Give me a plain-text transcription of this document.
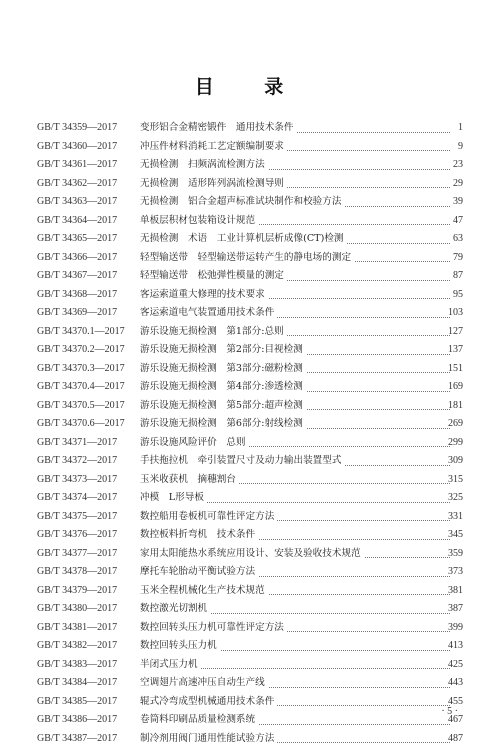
目 录
GB/T 34359—2017	变形铝合金精密锻件　通用技术条件	1
GB/T 34360—2017	冲压件材料消耗工艺定额编制要求	9
GB/T 34361—2017	无损检测　扫频涡流检测方法	23
GB/T 34362—2017	无损检测　适形阵列涡流检测导则	29
GB/T 34363—2017	无损检测　铝合金超声标准试块制作和校验方法	39
GB/T 34364—2017	单板层积材包装箱设计规范	47
GB/T 34365—2017	无损检测　术语　工业计算机层析成像(CT)检测	63
GB/T 34366—2017	轻型输送带　轻型输送带运转产生的静电场的测定	79
GB/T 34367—2017	轻型输送带　松弛弹性模量的测定	87
GB/T 34368—2017	客运索道重大修理的技术要求	95
GB/T 34369—2017	客运索道电气装置通用技术条件	103
GB/T 34370.1—2017	游乐设施无损检测　第1部分:总则	127
GB/T 34370.2—2017	游乐设施无损检测　第2部分:目视检测	137
GB/T 34370.3—2017	游乐设施无损检测　第3部分:磁粉检测	151
GB/T 34370.4—2017	游乐设施无损检测　第4部分:渗透检测	169
GB/T 34370.5—2017	游乐设施无损检测　第5部分:超声检测	181
GB/T 34370.6—2017	游乐设施无损检测　第6部分:射线检测	269
GB/T 34371—2017	游乐设施风险评价　总则	299
GB/T 34372—2017	手扶拖拉机　牵引装置尺寸及动力输出装置型式	309
GB/T 34373—2017	玉米收获机　摘穗割台	315
GB/T 34374—2017	冲模　L形导板	325
GB/T 34375—2017	数控船用卷板机可靠性评定方法	331
GB/T 34376—2017	数控板料折弯机　技术条件	345
GB/T 34377—2017	家用太阳能热水系统应用设计、安装及验收技术规范	359
GB/T 34378—2017	摩托车轮胎动平衡试验方法	373
GB/T 34379—2017	玉米全程机械化生产技术规范	381
GB/T 34380—2017	数控激光切割机	387
GB/T 34381—2017	数控回转头压力机可靠性评定方法	399
GB/T 34382—2017	数控回转头压力机	413
GB/T 34383—2017	半闭式压力机	425
GB/T 34384—2017	空调翅片高速冲压自动生产线	443
GB/T 34385—2017	辊式冷弯成型机械通用技术条件	455
GB/T 34386—2017	卷筒料印刷品质量检测系统	467
GB/T 34387—2017	制冷剂用阀门通用性能试验方法	487
· 5 ·
